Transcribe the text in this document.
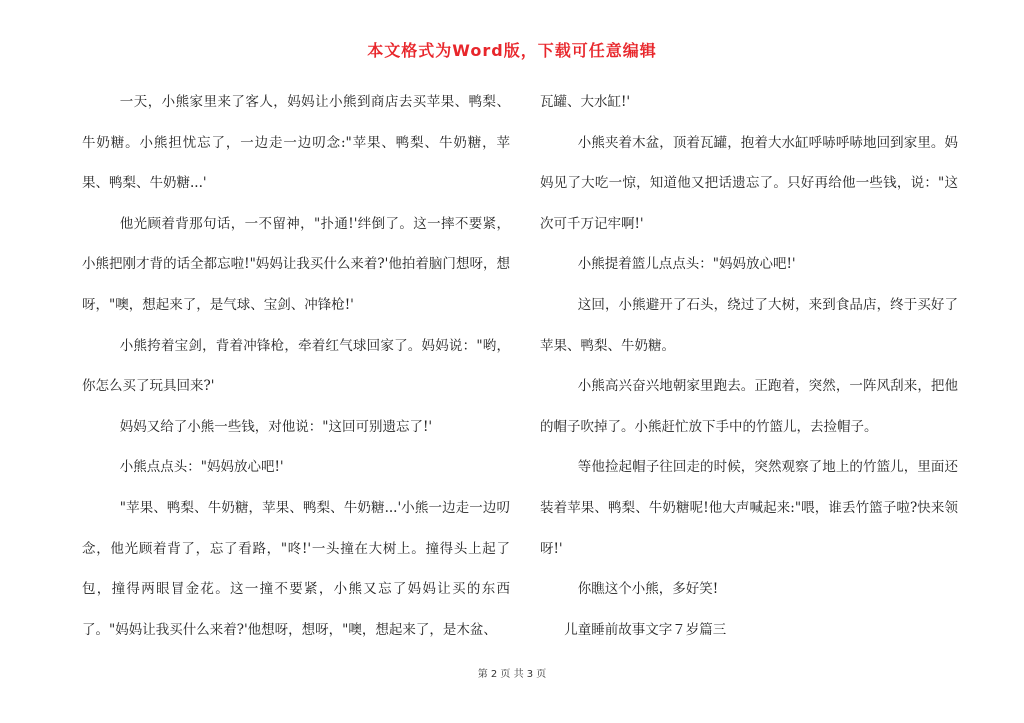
本文格式为Word版，下载可任意编辑

一天，小熊家里来了客人，妈妈让小熊到商店去买苹果、鸭梨、牛奶糖。小熊担忧忘了，一边走一边叨念:"苹果、鸭梨、牛奶糖，苹果、鸭梨、牛奶糖...'

他光顾着背那句话，一不留神，"扑通!'绊倒了。这一摔不要紧，小熊把刚才背的话全都忘啦!"妈妈让我买什么来着?'他拍着脑门想呀，想呀，"噢，想起来了，是气球、宝剑、冲锋枪!'

小熊挎着宝剑，背着冲锋枪，牵着红气球回家了。妈妈说："哟，你怎么买了玩具回来?'

妈妈又给了小熊一些钱，对他说："这回可别遗忘了!'

小熊点点头："妈妈放心吧!'

"苹果、鸭梨、牛奶糖，苹果、鸭梨、牛奶糖...'小熊一边走一边叨念，他光顾着背了，忘了看路，"咚!'一头撞在大树上。撞得头上起了包，撞得两眼冒金花。这一撞不要紧，小熊又忘了妈妈让买的东西了。"妈妈让我买什么来着?'他想呀，想呀，"噢，想起来了，是木盆、

瓦罐、大水缸!'

小熊夹着木盆，顶着瓦罐，抱着大水缸呼哧呼哧地回到家里。妈妈见了大吃一惊，知道他又把话遗忘了。只好再给他一些钱，说："这次可千万记牢啊!'

小熊提着篮儿点点头："妈妈放心吧!'

这回，小熊避开了石头，绕过了大树，来到食品店，终于买好了苹果、鸭梨、牛奶糖。

小熊高兴奋兴地朝家里跑去。正跑着，突然，一阵风刮来，把他的帽子吹掉了。小熊赶忙放下手中的竹篮儿，去捡帽子。

等他捡起帽子往回走的时候，突然观察了地上的竹篮儿，里面还装着苹果、鸭梨、牛奶糖呢!他大声喊起来:"喂，谁丢竹篮子啦?快来领呀!'

你瞧这个小熊，多好笑!

儿童睡前故事文字７岁篇三

第 2 页 共 3 页
